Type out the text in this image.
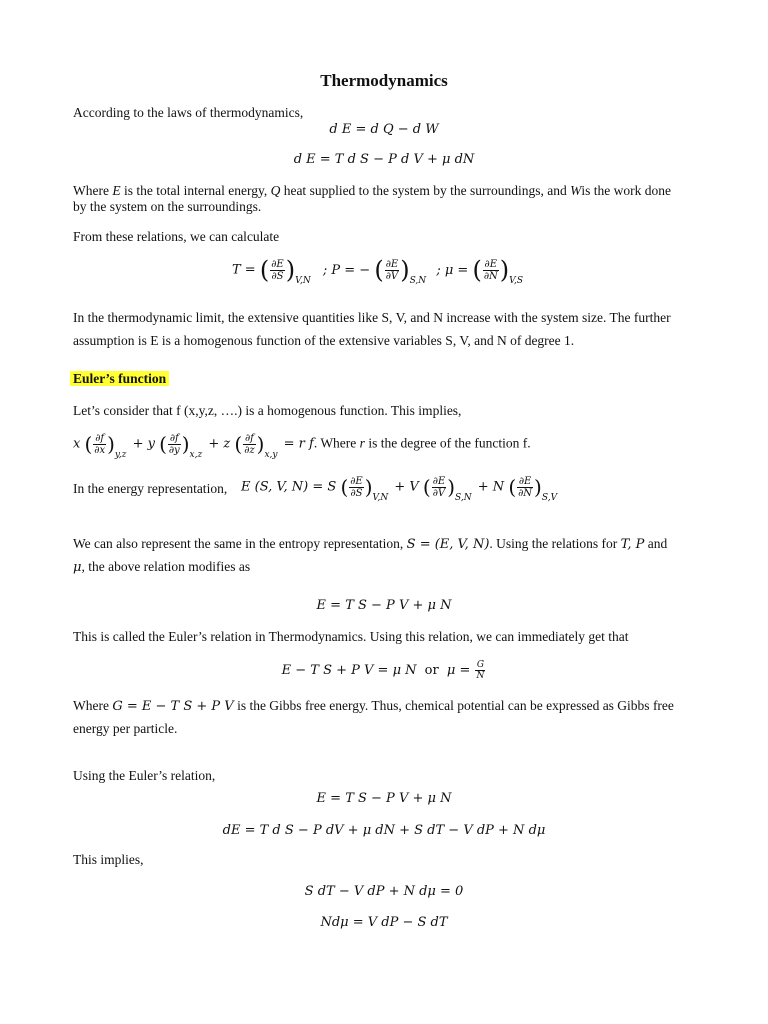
Thermodynamics
According to the laws of thermodynamics,
d E = d Q − d W
d E = T d S − P d V + μ dN
Where E is the total internal energy, Q heat supplied to the system by the surroundings, and Wis the work done
by the system on the surroundings.
From these relations, we can calculate
T = ( $\frac{\partial E}{\partial S} )_{V,N}$ ; P = − ( $\frac{\partial E}{\partial V} )_{S,N}$ ; μ = ( $\frac{\partial E}{\partial N} )_{V,S}$
In the thermodynamic limit, the extensive quantities like S, V, and N increase with the system size. The further
assumption is E is a homogenous function of the extensive variables S, V, and N of degree 1.
Euler’s function
Let’s consider that f (x,y,z, ….) is a homogenous function. This implies,
x ( $\frac{\partial f}{\partial x} )_{y,z} + y$ ( $\frac{\partial f}{\partial y} )_{x,z} + z$ ( $\frac{\partial f}{\partial z} )_{x,y} = r$ f. Where r is the degree of the function f.
In the energy representation, E (S, V, N) = S ( $\frac{\partial E}{\partial S} )_{V,N} + V$ ( $\frac{\partial E}{\partial V} )_{S,N} + N$ ( $\frac{\partial E}{\partial N} )_{S,V}$
We can also represent the same in the entropy representation, S = (E, V, N). Using the relations for T, P and
μ, the above relation modifies as
E = T S − P V + μ N
This is called the Euler’s relation in Thermodynamics. Using this relation, we can immediately get that
E − T S + P V = μ N or $\mu = \frac{G}{N}$
Where G = E − T S + P V is the Gibbs free energy. Thus, chemical potential can be expressed as Gibbs free
energy per particle.
Using the Euler’s relation,
E = T S − P V + μ N
dE = T d S − P dV + μ dN + S dT − V dP + N dμ
This implies,
S dT − V dP + N dμ = 0
Ndμ = V dP − S dT
